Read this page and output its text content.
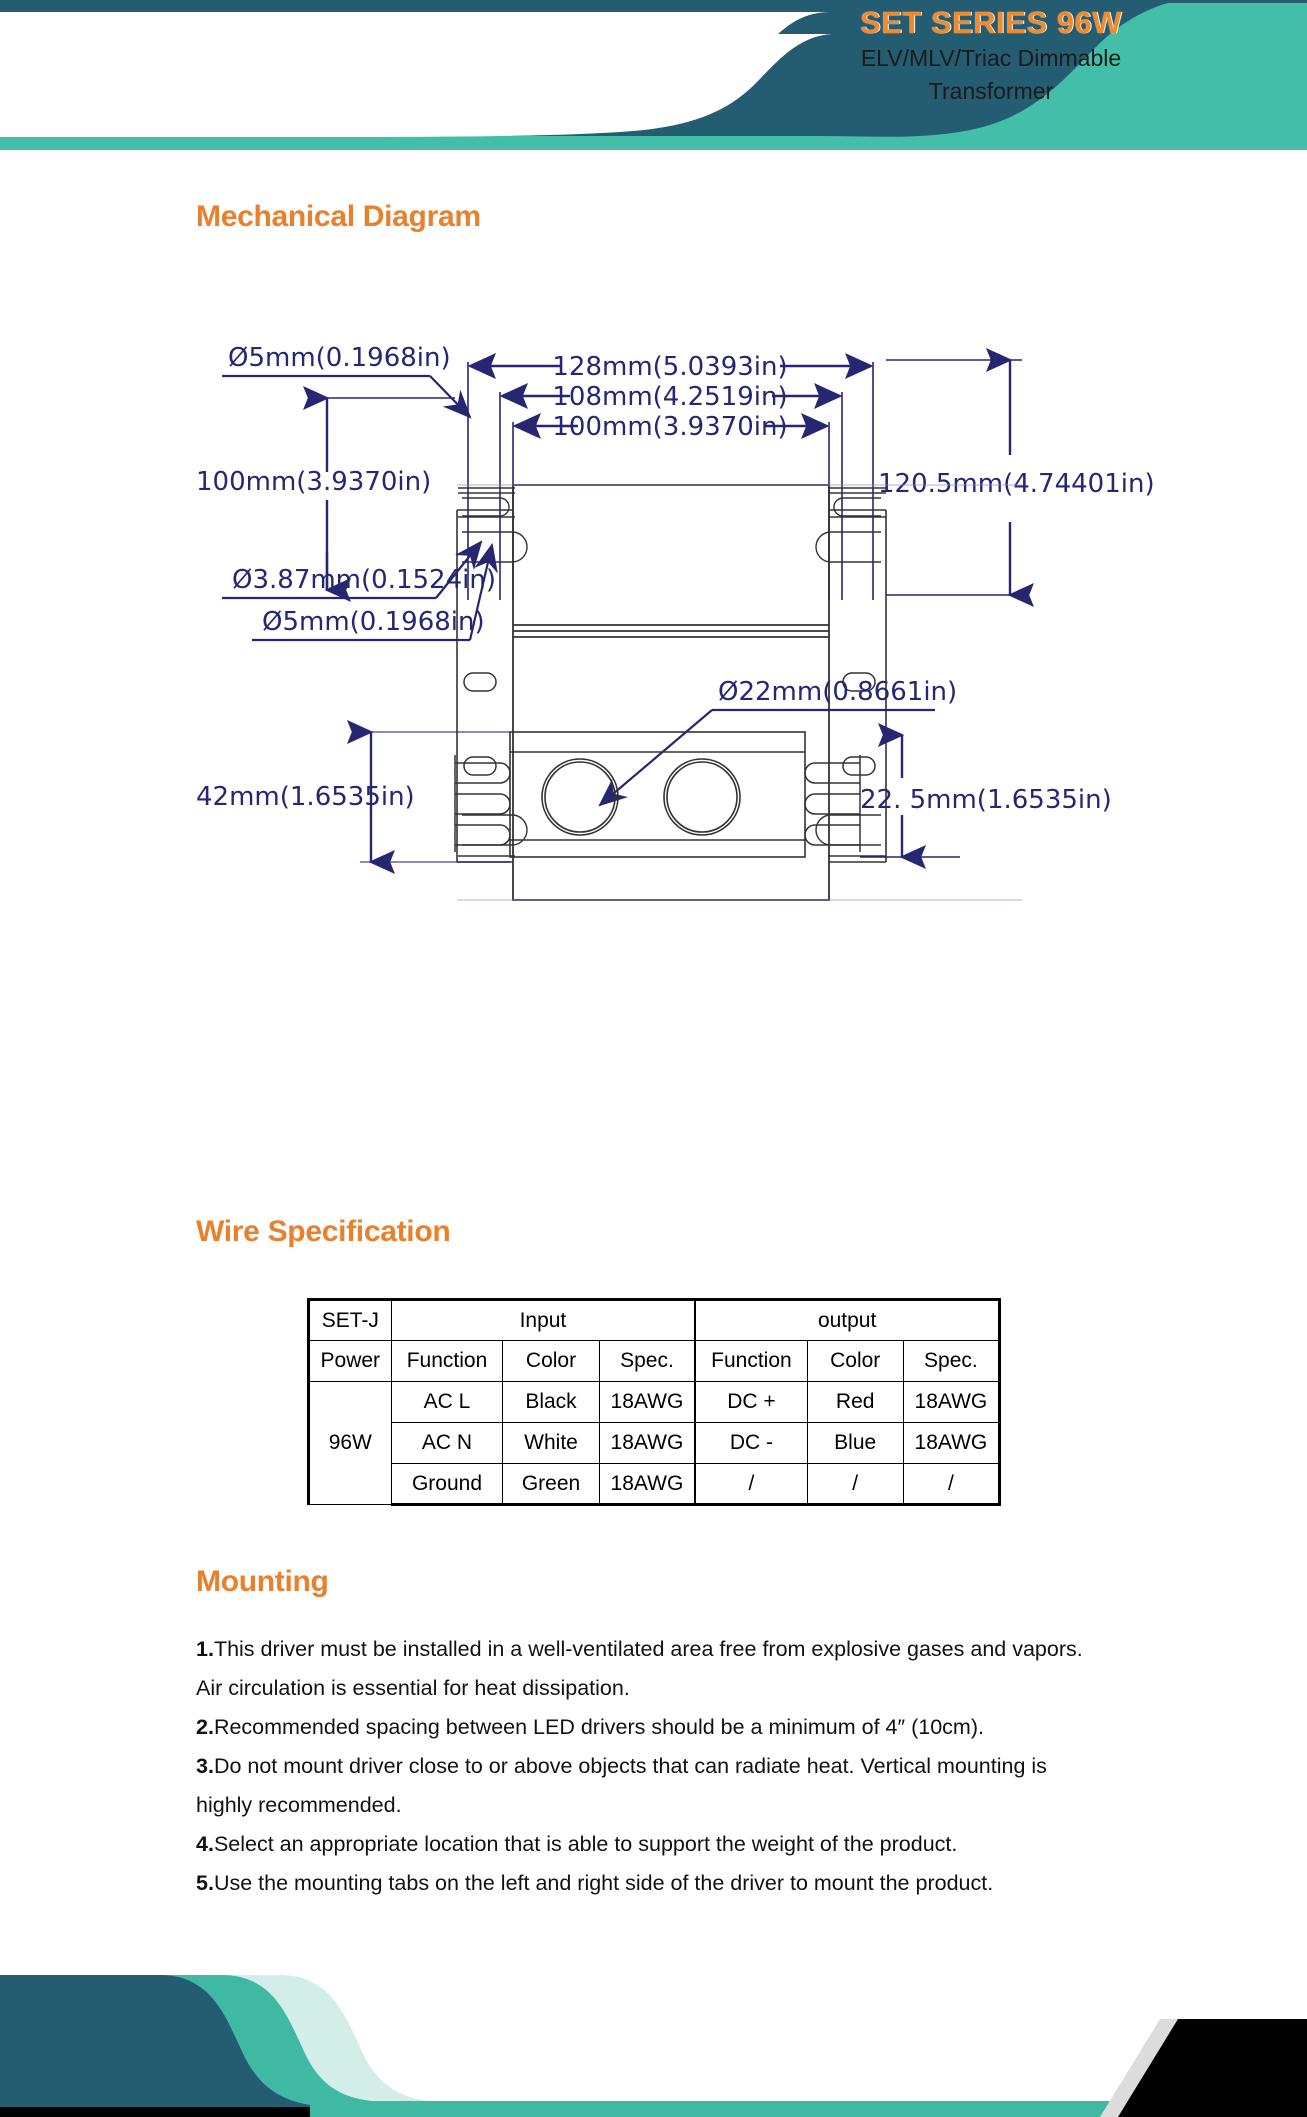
SET SERIES 96W
ELV/MLV/Triac Dimmable
Transformer
Mechanical Diagram
128mm(5.0393in)
108mm(4.2519in)
100mm(3.9370in)
Ø5mm(0.1968in)
100mm(3.9370in)	120.5mm(4.74401in)
Ø3.87mm(0.1524in)
Ø5mm(0.1968in)
Ø22mm(0.8661in)
42mm(1.6535in)	22. 5mm(1.6535in)
Wire Specification
SET-J	Input			output		
Power	Function	Color	Spec.	Function	Color	Spec.
96W	AC L	Black	18AWG	DC +	Red	18AWG
	AC N	White	18AWG	DC -	Blue	18AWG
	Ground	Green	18AWG	/	/	/
Mounting

1.This driver must be installed in a well-ventilated area free from explosive gases and vapors. Air circulation is essential for heat dissipation.

2.Recommended spacing between LED drivers should be a minimum of 4″ (10cm).

3.Do not mount driver close to or above objects that can radiate heat. Vertical mounting is highly recommended.

4.Select an appropriate location that is able to support the weight of the product.

5.Use the mounting tabs on the left and right side of the driver to mount the product.
